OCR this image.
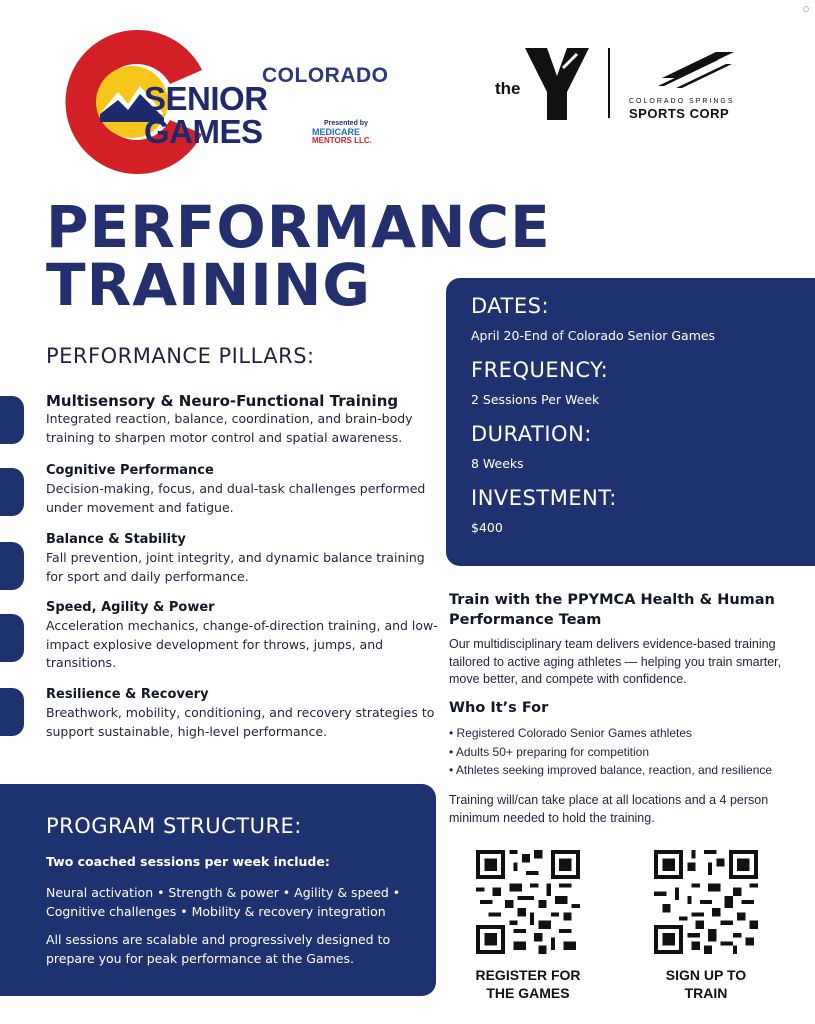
COLORADO
SENIOR GAMES	Presented by
MEDICARE
MENTORS LLC.
the
COLORADO SPRINGS
SPORTS CORP
PERFORMANCE
TRAINING
PERFORMANCE PILLARS:
Multisensory & Neuro-Functional Training
Integrated reaction, balance, coordination, and brain-body training to sharpen motor control and spatial awareness.
Cognitive Performance
Decision-making, focus, and dual-task challenges performed under movement and fatigue.
Balance & Stability
Fall prevention, joint integrity, and dynamic balance training for sport and daily performance.
Speed, Agility & Power
Acceleration mechanics, change-of-direction training, and low-impact explosive development for throws, jumps, and transitions.
Resilience & Recovery
Breathwork, mobility, conditioning, and recovery strategies to support sustainable, high-level performance.
DATES:
April 20-End of Colorado Senior Games
FREQUENCY:
2 Sessions Per Week
DURATION:
8 Weeks
INVESTMENT:
$400
Train with the PPYMCA Health & Human Performance Team
Our multidisciplinary team delivers evidence-based training tailored to active aging athletes — helping you train smarter, move better, and compete with confidence.
Who It’s For
• Registered Colorado Senior Games athletes
• Adults 50+ preparing for competition
• Athletes seeking improved balance, reaction, and resilience
Training will/can take place at all locations and a 4 person minimum needed to hold the training.
REGISTER FOR
THE GAMES
SIGN UP TO
TRAIN
PROGRAM STRUCTURE:
Two coached sessions per week include:
Neural activation • Strength & power • Agility & speed • Cognitive challenges • Mobility & recovery integration
All sessions are scalable and progressively designed to prepare you for peak performance at the Games.
